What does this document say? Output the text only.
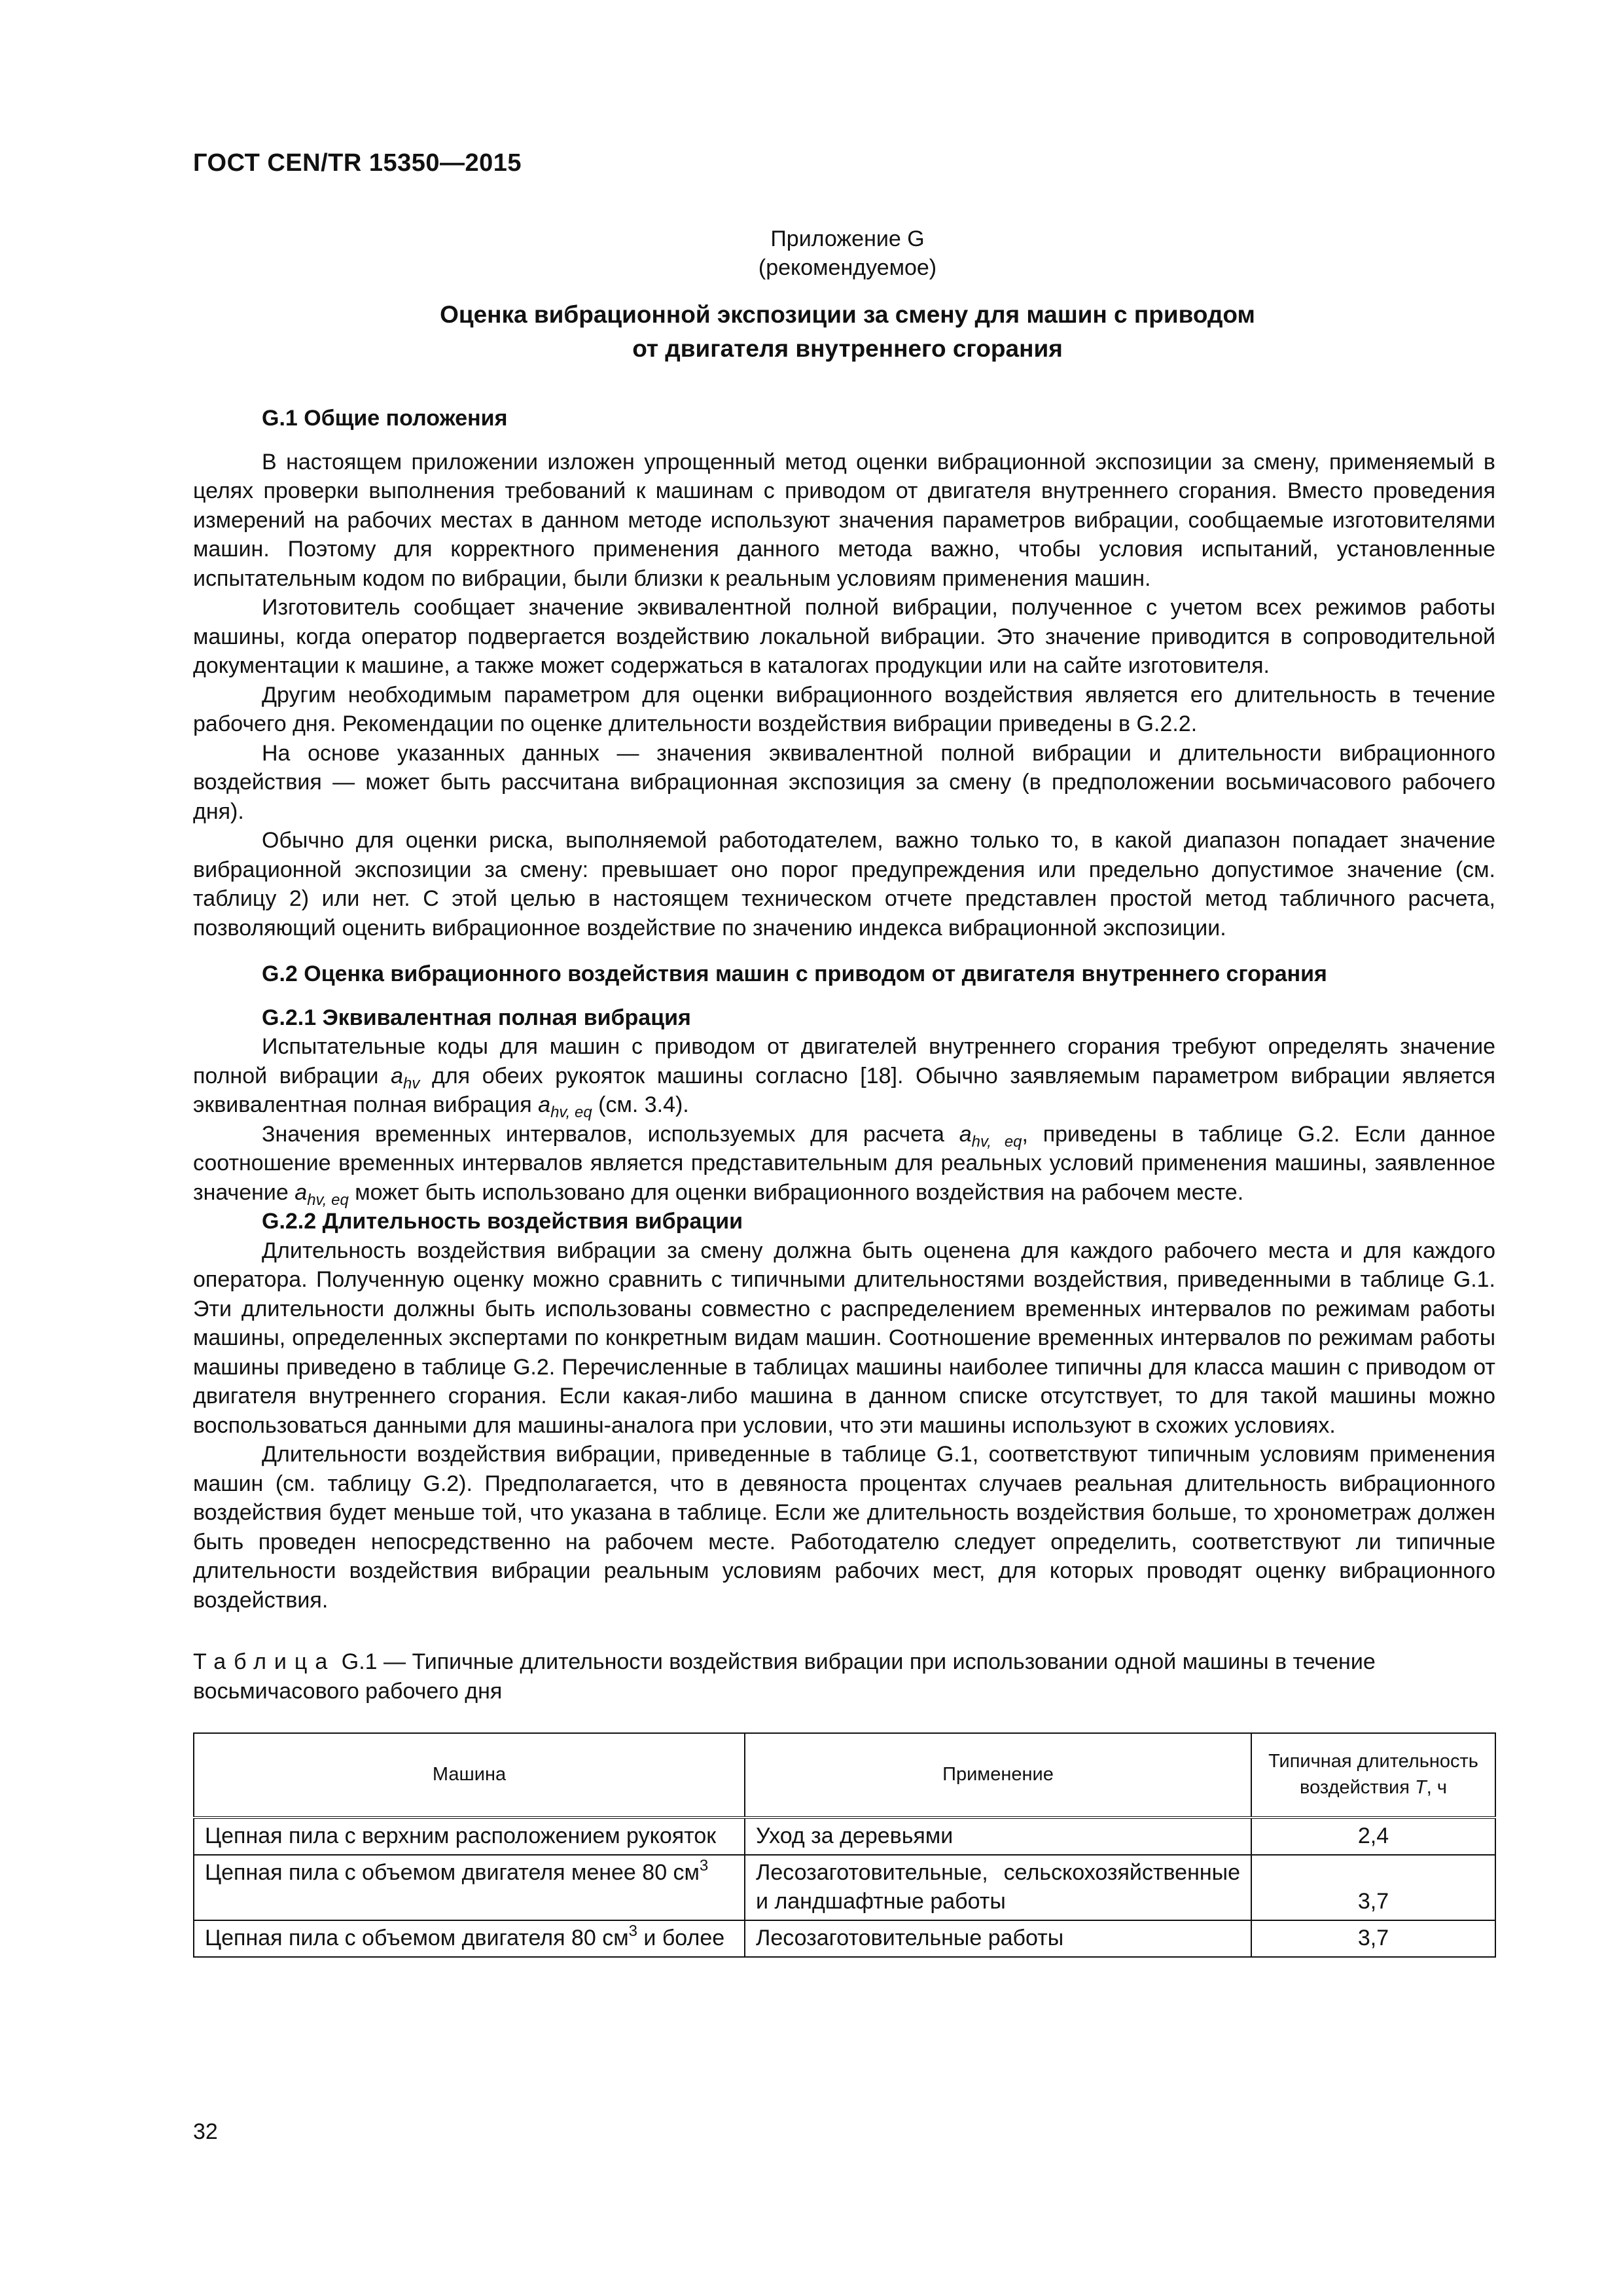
ГОСТ CEN/TR 15350—2015
Приложение G
(рекомендуемое)
Оценка вибрационной экспозиции за смену для машин с приводом
от двигателя внутреннего сгорания
G.1 Общие положения

В настоящем приложении изложен упрощенный метод оценки вибрационной экспозиции за смену, применяемый в целях проверки выполнения требований к машинам с приводом от двигателя внутреннего сгорания. Вместо проведения измерений на рабочих местах в данном методе используют значения параметров вибрации, сообщаемые изготовителями машин. Поэтому для корректного применения данного метода важно, чтобы условия испытаний, установленные испытательным кодом по вибрации, были близки к реальным условиям применения машин.

Изготовитель сообщает значение эквивалентной полной вибрации, полученное с учетом всех режимов работы машины, когда оператор подвергается воздействию локальной вибрации. Это значение приводится в сопроводительной документации к машине, а также может содержаться в каталогах продукции или на сайте изготовителя.

Другим необходимым параметром для оценки вибрационного воздействия является его длительность в течение рабочего дня. Рекомендации по оценке длительности воздействия вибрации приведены в G.2.2.

На основе указанных данных — значения эквивалентной полной вибрации и длительности вибрационного воздействия — может быть рассчитана вибрационная экспозиция за смену (в предположении восьмичасового рабочего дня).

Обычно для оценки риска, выполняемой работодателем, важно только то, в какой диапазон попадает значение вибрационной экспозиции за смену: превышает оно порог предупреждения или предельно допустимое значение (см. таблицу 2) или нет. С этой целью в настоящем техническом отчете представлен простой метод табличного расчета, позволяющий оценить вибрационное воздействие по значению индекса вибрационной экспозиции.

G.2 Оценка вибрационного воздействия машин с приводом от двигателя внутреннего сгорания
G.2.1 Эквивалентная полная вибрация

Испытательные коды для машин с приводом от двигателей внутреннего сгорания требуют определять значение полной вибрации $a_{hv}$ для обеих рукояток машины согласно [18]. Обычно заявляемым параметром вибрации является эквивалентная полная вибрация $a_{hv, eq}$ (см. 3.4).

Значения временных интервалов, используемых для расчета $a_{hv, eq}$, приведены в таблице G.2. Если данное соотношение временных интервалов является представительным для реальных условий применения машины, заявленное значение $a_{hv, eq}$ может быть использовано для оценки вибрационного воздействия на рабочем месте.

G.2.2 Длительность воздействия вибрации

Длительность воздействия вибрации за смену должна быть оценена для каждого рабочего места и для каждого оператора. Полученную оценку можно сравнить с типичными длительностями воздействия, приведенными в таблице G.1. Эти длительности должны быть использованы совместно с распределением временных интервалов по режимам работы машины, определенных экспертами по конкретным видам машин. Соотношение временных интервалов по режимам работы машины приведено в таблице G.2. Перечисленные в таблицах машины наиболее типичны для класса машин с приводом от двигателя внутреннего сгорания. Если какая-либо машина в данном списке отсутствует, то для такой машины можно воспользоваться данными для машины-аналога при условии, что эти машины используют в схожих условиях.

Длительности воздействия вибрации, приведенные в таблице G.1, соответствуют типичным условиям применения машин (см. таблицу G.2). Предполагается, что в девяноста процентах случаев реальная длительность вибрационного воздействия будет меньше той, что указана в таблице. Если же длительность воздействия больше, то хронометраж должен быть проведен непосредственно на рабочем месте. Работодателю следует определить, соответствуют ли типичные длительности воздействия вибрации реальным условиям рабочих мест, для которых проводят оценку вибрационного воздействия.

Таблица G.1 — Типичные длительности воздействия вибрации при использовании одной машины в течение восьмичасового рабочего дня
Машина	Применение	Типичная длительность воздействия T, ч
Цепная пила с верхним расположением рукояток	Уход за деревьями	2,4
Цепная пила с объемом двигателя менее 80 $см^3$	Лесозаготовительные, сельскохозяйственные и ландшафтные работы	3,7
Цепная пила с объемом двигателя 80 $см^3$ и более	Лесозаготовительные работы	3,7
32
